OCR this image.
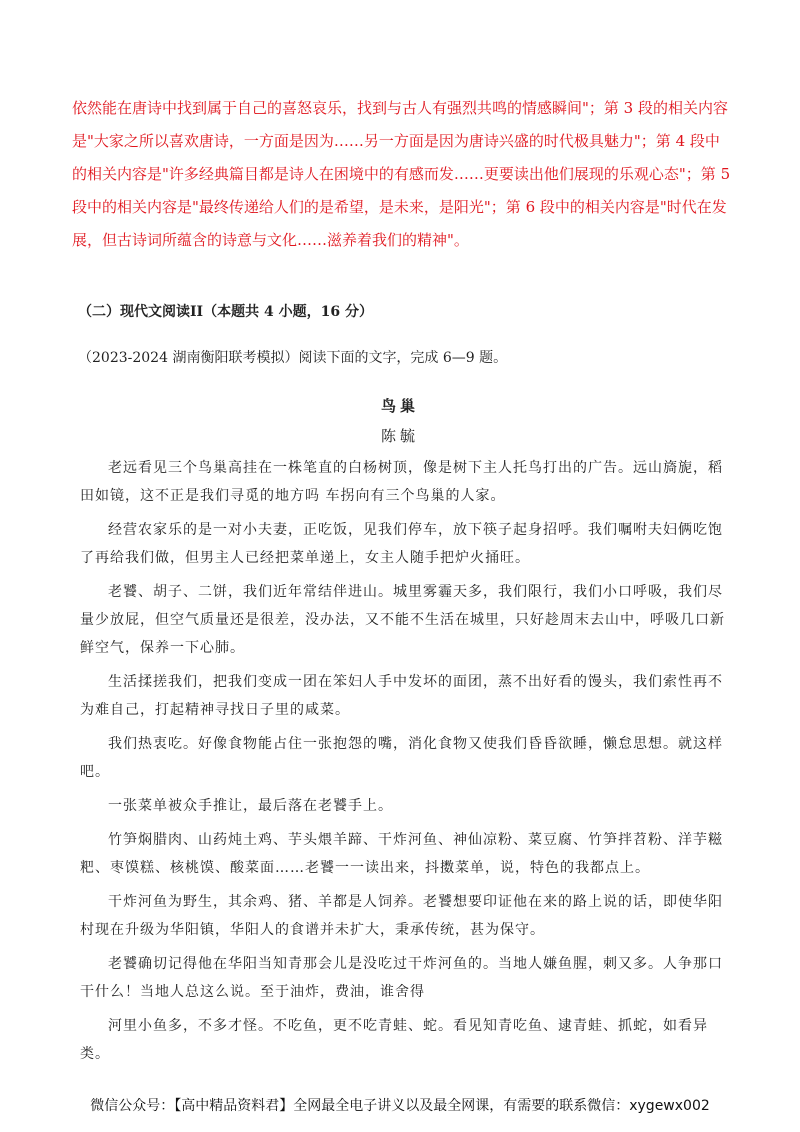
依然能在唐诗中找到属于自己的喜怒哀乐，找到与古人有强烈共鸣的情感瞬间"；第 3 段的相关内容是"大家之所以喜欢唐诗，一方面是因为……另一方面是因为唐诗兴盛的时代极具魅力"；第 4 段中的相关内容是"许多经典篇目都是诗人在困境中的有感而发……更要读出他们展现的乐观心态"；第 5 段中的相关内容是"最终传递给人们的是希望，是未来，是阳光"；第 6 段中的相关内容是"时代在发展，但古诗词所蕴含的诗意与文化……滋养着我们的精神"。

（二）现代文阅读II（本题共 4 小题，16 分）

（2023-2024 湖南衡阳联考模拟）阅读下面的文字，完成 6—9 题。

鸟巢

陈毓

老远看见三个鸟巢高挂在一株笔直的白杨树顶，像是树下主人托鸟打出的广告。远山旖旎，稻田如镜，这不正是我们寻觅的地方吗 车拐向有三个鸟巢的人家。

经营农家乐的是一对小夫妻，正吃饭，见我们停车，放下筷子起身招呼。我们嘱咐夫妇俩吃饱了再给我们做，但男主人已经把菜单递上，女主人随手把炉火捅旺。

老饕、胡子、二饼，我们近年常结伴进山。城里雾霾天多，我们限行，我们小口呼吸，我们尽量少放屁，但空气质量还是很差，没办法，又不能不生活在城里，只好趁周末去山中，呼吸几口新鲜空气，保养一下心肺。

生活揉搓我们，把我们变成一团在笨妇人手中发坏的面团，蒸不出好看的馒头，我们索性再不为难自己，打起精神寻找日子里的咸菜。

我们热衷吃。好像食物能占住一张抱怨的嘴，消化食物又使我们昏昏欲睡，懒怠思想。就这样吧。

一张菜单被众手推让，最后落在老饕手上。

竹笋焖腊肉、山药炖土鸡、芋头煨羊蹄、干炸河鱼、神仙凉粉、菜豆腐、竹笋拌苕粉、洋芋糍粑、枣馍糕、核桃馍、酸菜面……老饕一一读出来，抖擞菜单，说，特色的我都点上。

干炸河鱼为野生，其余鸡、猪、羊都是人饲养。老饕想要印证他在来的路上说的话，即使华阳村现在升级为华阳镇，华阳人的食谱并未扩大，秉承传统，甚为保守。

老饕确切记得他在华阳当知青那会儿是没吃过干炸河鱼的。当地人嫌鱼腥，刺又多。人争那口干什么！当地人总这么说。至于油炸，费油，谁舍得

河里小鱼多，不多才怪。不吃鱼，更不吃青蛙、蛇。看见知青吃鱼、逮青蛙、抓蛇，如看异类。

微信公众号：【高中精品资料君】全网最全电子讲义以及最全网课，有需要的联系微信：xygewx002
